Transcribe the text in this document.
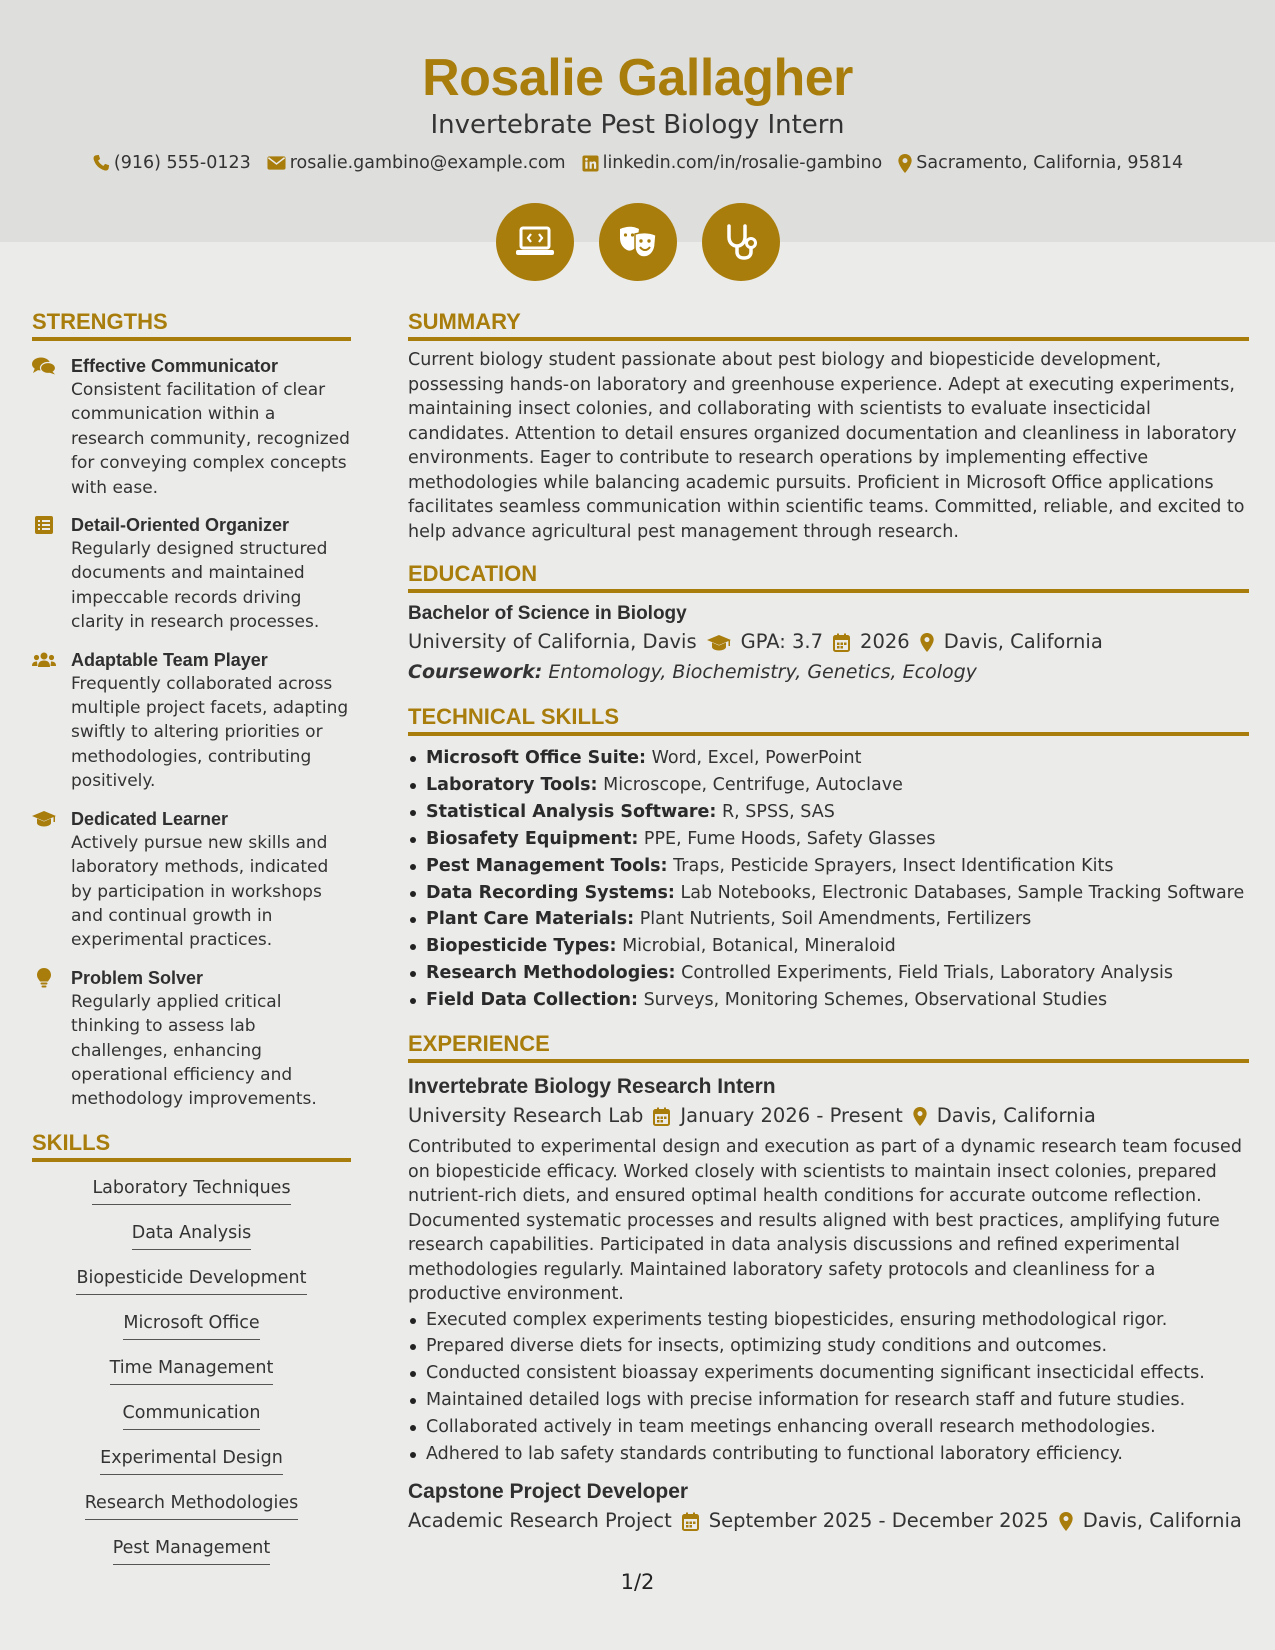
Rosalie Gallagher
Invertebrate Pest Biology Intern
(916) 555-0123 rosalie.gambino@example.com linkedin.com/in/rosalie-gambino Sacramento, California, 95814
STRENGTHS
Effective Communicator
Consistent facilitation of clear communication within a research community, recognized for conveying complex concepts with ease.
Detail-Oriented Organizer
Regularly designed structured documents and maintained impeccable records driving clarity in research processes.
Adaptable Team Player
Frequently collaborated across multiple project facets, adapting swiftly to altering priorities or methodologies, contributing positively.
Dedicated Learner
Actively pursue new skills and laboratory methods, indicated by participation in workshops and continual growth in experimental practices.
Problem Solver
Regularly applied critical thinking to assess lab challenges, enhancing operational efficiency and methodology improvements.
SKILLS
Laboratory Techniques
Data Analysis
Biopesticide Development
Microsoft Office
Time Management
Communication
Experimental Design
Research Methodologies
Pest Management
SUMMARY
Current biology student passionate about pest biology and biopesticide development, possessing hands-on laboratory and greenhouse experience. Adept at executing experiments, maintaining insect colonies, and collaborating with scientists to evaluate insecticidal candidates. Attention to detail ensures organized documentation and cleanliness in laboratory environments. Eager to contribute to research operations by implementing effective methodologies while balancing academic pursuits. Proficient in Microsoft Office applications facilitates seamless communication within scientific teams. Committed, reliable, and excited to help advance agricultural pest management through research.
EDUCATION
Bachelor of Science in Biology
University of California, Davis GPA: 3.7 2026 Davis, California
Coursework: Entomology, Biochemistry, Genetics, Ecology
TECHNICAL SKILLS
Microsoft Office Suite: Word, Excel, PowerPoint
Laboratory Tools: Microscope, Centrifuge, Autoclave
Statistical Analysis Software: R, SPSS, SAS
Biosafety Equipment: PPE, Fume Hoods, Safety Glasses
Pest Management Tools: Traps, Pesticide Sprayers, Insect Identification Kits
Data Recording Systems: Lab Notebooks, Electronic Databases, Sample Tracking Software
Plant Care Materials: Plant Nutrients, Soil Amendments, Fertilizers
Biopesticide Types: Microbial, Botanical, Mineraloid
Research Methodologies: Controlled Experiments, Field Trials, Laboratory Analysis
Field Data Collection: Surveys, Monitoring Schemes, Observational Studies
EXPERIENCE
Invertebrate Biology Research Intern
University Research Lab January 2026 - Present Davis, California
Contributed to experimental design and execution as part of a dynamic research team focused on biopesticide efficacy. Worked closely with scientists to maintain insect colonies, prepared nutrient-rich diets, and ensured optimal health conditions for accurate outcome reflection. Documented systematic processes and results aligned with best practices, amplifying future research capabilities. Participated in data analysis discussions and refined experimental methodologies regularly. Maintained laboratory safety protocols and cleanliness for a productive environment.
Executed complex experiments testing biopesticides, ensuring methodological rigor.
Prepared diverse diets for insects, optimizing study conditions and outcomes.
Conducted consistent bioassay experiments documenting significant insecticidal effects.
Maintained detailed logs with precise information for research staff and future studies.
Collaborated actively in team meetings enhancing overall research methodologies.
Adhered to lab safety standards contributing to functional laboratory efficiency.
Capstone Project Developer
Academic Research Project September 2025 - December 2025 Davis, California
1/2
